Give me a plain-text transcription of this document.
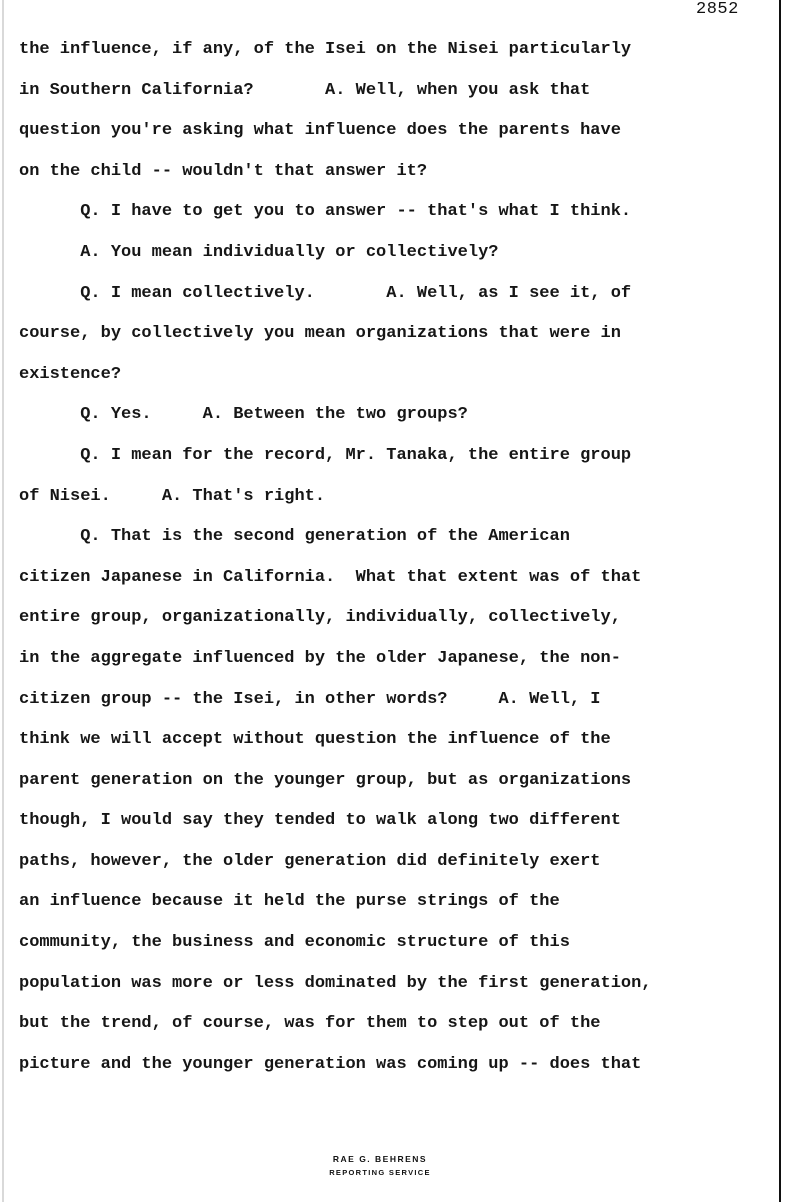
2852
the influence, if any, of the Isei on the Nisei particularly
in Southern California?       A. Well, when you ask that
question you're asking what influence does the parents have
on the child -- wouldn't that answer it?
Q. I have to get you to answer -- that's what I think.
A. You mean individually or collectively?
Q. I mean collectively.       A. Well, as I see it, of
course, by collectively you mean organizations that were in
existence?
Q. Yes.     A. Between the two groups?
Q. I mean for the record, Mr. Tanaka, the entire group
of Nisei.     A. That's right.
Q. That is the second generation of the American
citizen Japanese in California.  What that extent was of that
entire group, organizationally, individually, collectively,
in the aggregate influenced by the older Japanese, the non-
citizen group -- the Isei, in other words?     A. Well, I
think we will accept without question the influence of the
parent generation on the younger group, but as organizations
though, I would say they tended to walk along two different
paths, however, the older generation did definitely exert
an influence because it held the purse strings of the
community, the business and economic structure of this
population was more or less dominated by the first generation,
but the trend, of course, was for them to step out of the
picture and the younger generation was coming up -- does that
RAE G. BEHRENS
REPORTING SERVICE
